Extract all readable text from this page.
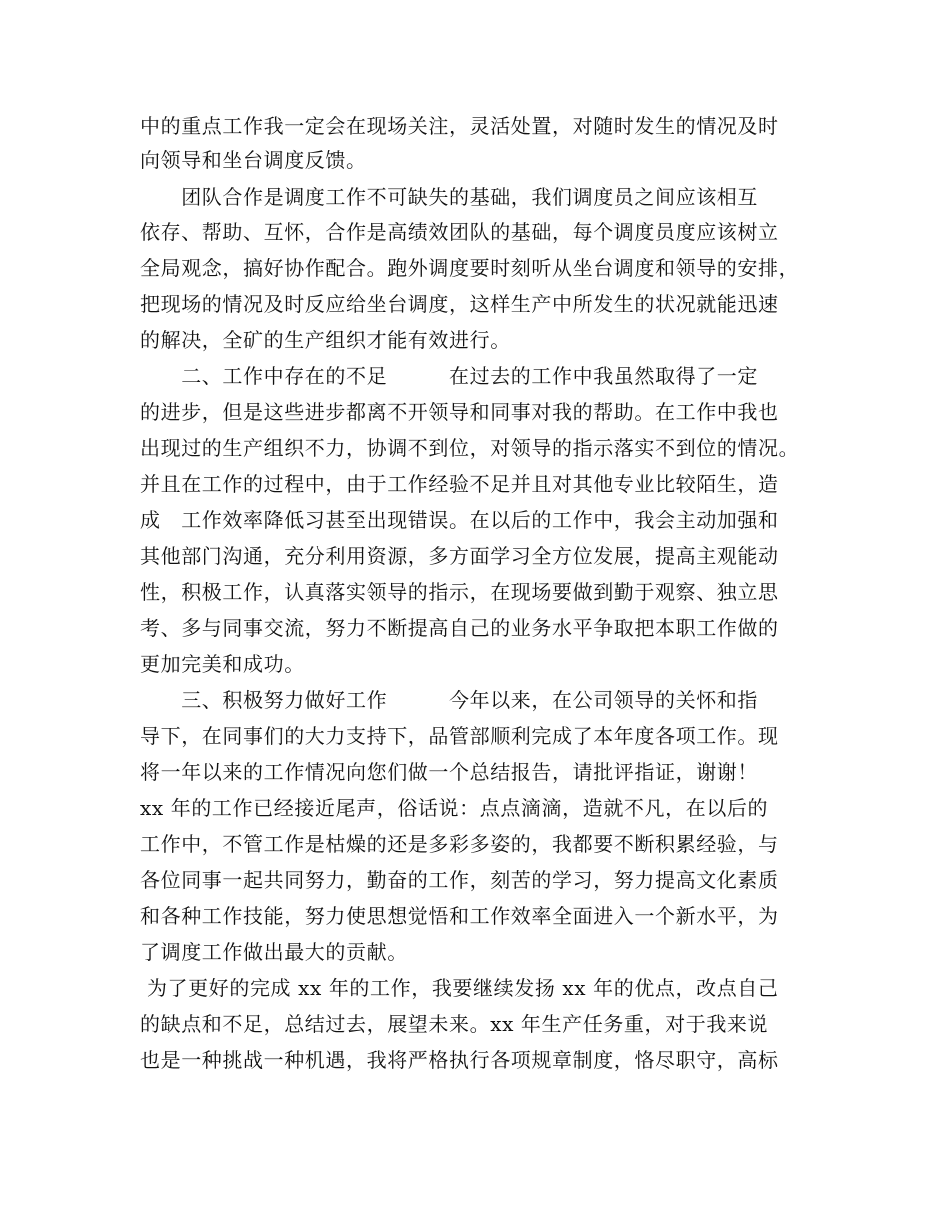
中的重点工作我一定会在现场关注，灵活处置，对随时发生的情况及时
向领导和坐台调度反馈。
　　团队合作是调度工作不可缺失的基础，我们调度员之间应该相互
依存、帮助、互怀，合作是高绩效团队的基础，每个调度员度应该树立
全局观念，搞好协作配合。跑外调度要时刻听从坐台调度和领导的安排，
把现场的情况及时反应给坐台调度，这样生产中所发生的状况就能迅速
的解决，全矿的生产组织才能有效进行。
　　二、工作中存在的不足　　　在过去的工作中我虽然取得了一定
的进步，但是这些进步都离不开领导和同事对我的帮助。在工作中我也
出现过的生产组织不力，协调不到位，对领导的指示落实不到位的情况。
并且在工作的过程中，由于工作经验不足并且对其他专业比较陌生，造
成　工作效率降低习甚至出现错误。在以后的工作中，我会主动加强和
其他部门沟通，充分利用资源，多方面学习全方位发展，提高主观能动
性，积极工作，认真落实领导的指示，在现场要做到勤于观察、独立思
考、多与同事交流，努力不断提高自己的业务水平争取把本职工作做的
更加完美和成功。
　　三、积极努力做好工作　　　今年以来，在公司领导的关怀和指
导下，在同事们的大力支持下，品管部顺利完成了本年度各项工作。现
将一年以来的工作情况向您们做一个总结报告，请批评指证，谢谢！
xx 年的工作已经接近尾声，俗话说：点点滴滴，造就不凡，在以后的
工作中，不管工作是枯燥的还是多彩多姿的，我都要不断积累经验，与
各位同事一起共同努力，勤奋的工作，刻苦的学习，努力提高文化素质
和各种工作技能，努力使思想觉悟和工作效率全面进入一个新水平，为
了调度工作做出最大的贡献。
为了更好的完成 xx 年的工作，我要继续发扬 xx 年的优点，改点自己
的缺点和不足，总结过去，展望未来。xx 年生产任务重，对于我来说
也是一种挑战一种机遇，我将严格执行各项规章制度，恪尽职守，高标
